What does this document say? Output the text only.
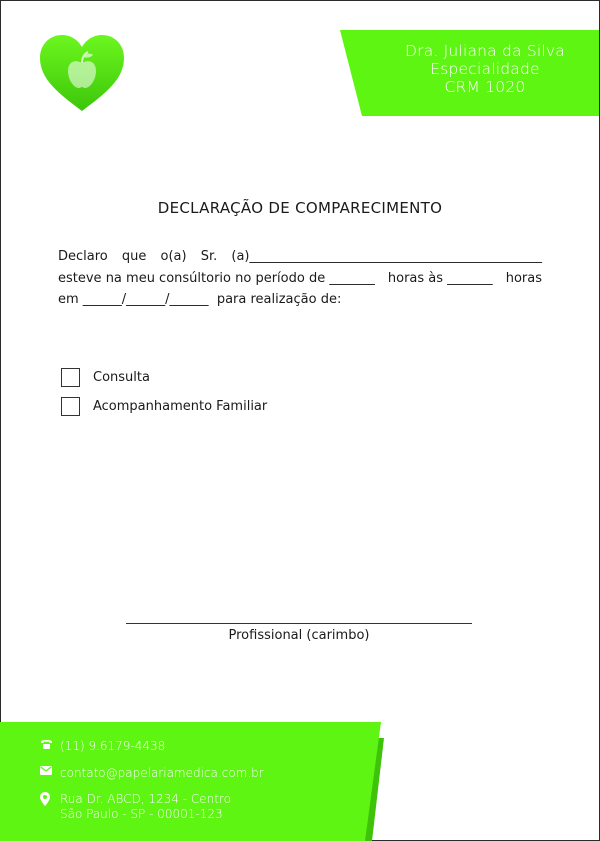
Dra. Juliana da Silva
Especialidade
CRM 1020
DECLARAÇÃO DE COMPARECIMENTO
Declaro que o(a) Sr. (a)_____________________________________________
esteve na meu consúltorio no período de _______ horas às _______ horas
em ______/______/______  para realização de:
Consulta
Acompanhamento Familiar
Profissional (carimbo)
(11) 9.6179-4438
contato@papelariamedica.com.br
Rua Dr. ABCD, 1234 - Centro
São Paulo - SP - 00001-123
